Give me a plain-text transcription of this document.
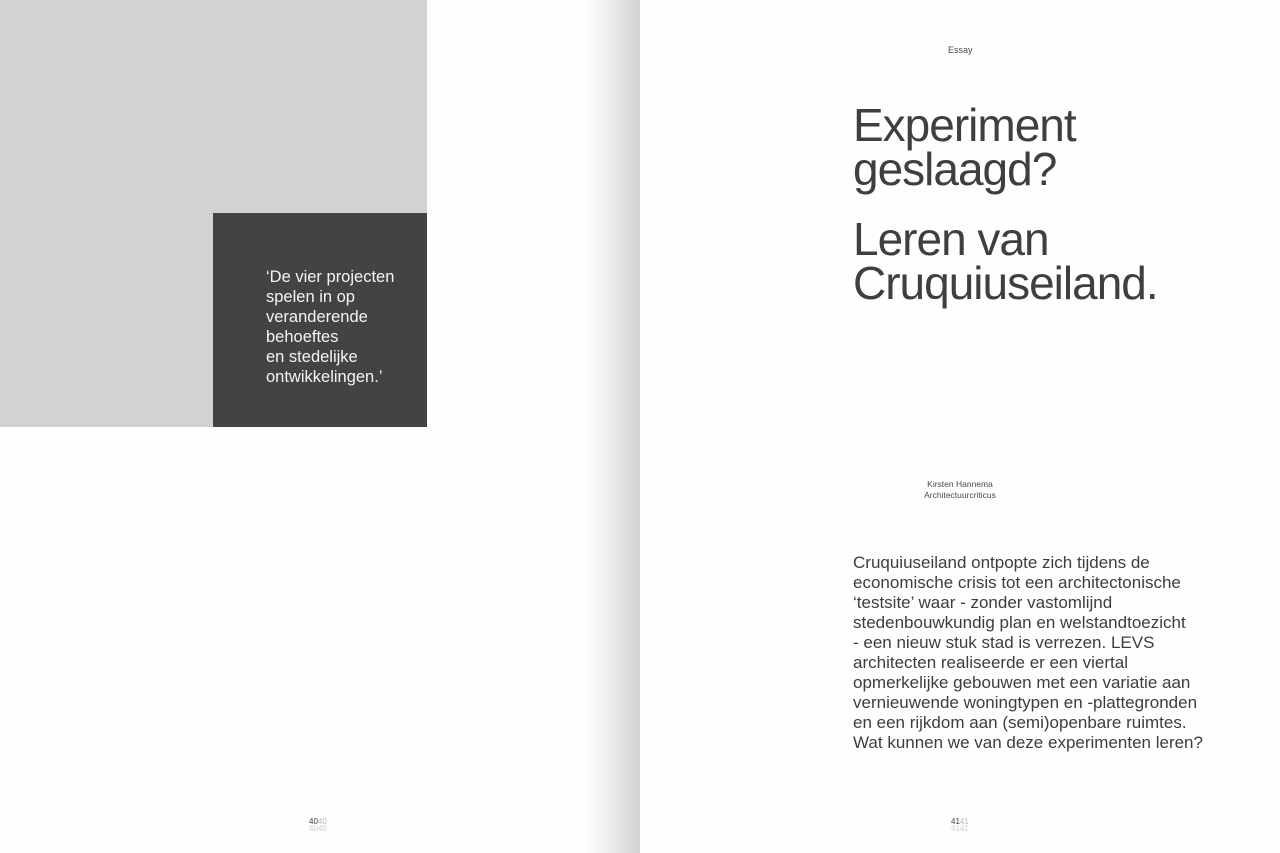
‘De vier projecten
spelen in op
veranderende
behoeftes
en stedelijke
ontwikkelingen.’
4040
4040
Essay
Experiment
geslaagd?
Leren van
Cruquiuseiland.
Kirsten Hannema
Architectuurcriticus
Cruquiuseiland ontpopte zich tijdens de
economische crisis tot een architectonische
‘testsite’ waar - zonder vastomlijnd
stedenbouwkundig plan en welstandtoezicht
- een nieuw stuk stad is verrezen. LEVS
architecten realiseerde er een viertal
opmerkelijke gebouwen met een variatie aan
vernieuwende woningtypen en -plattegronden
en een rijkdom aan (semi)openbare ruimtes.
Wat kunnen we van deze experimenten leren?
4141
4141
